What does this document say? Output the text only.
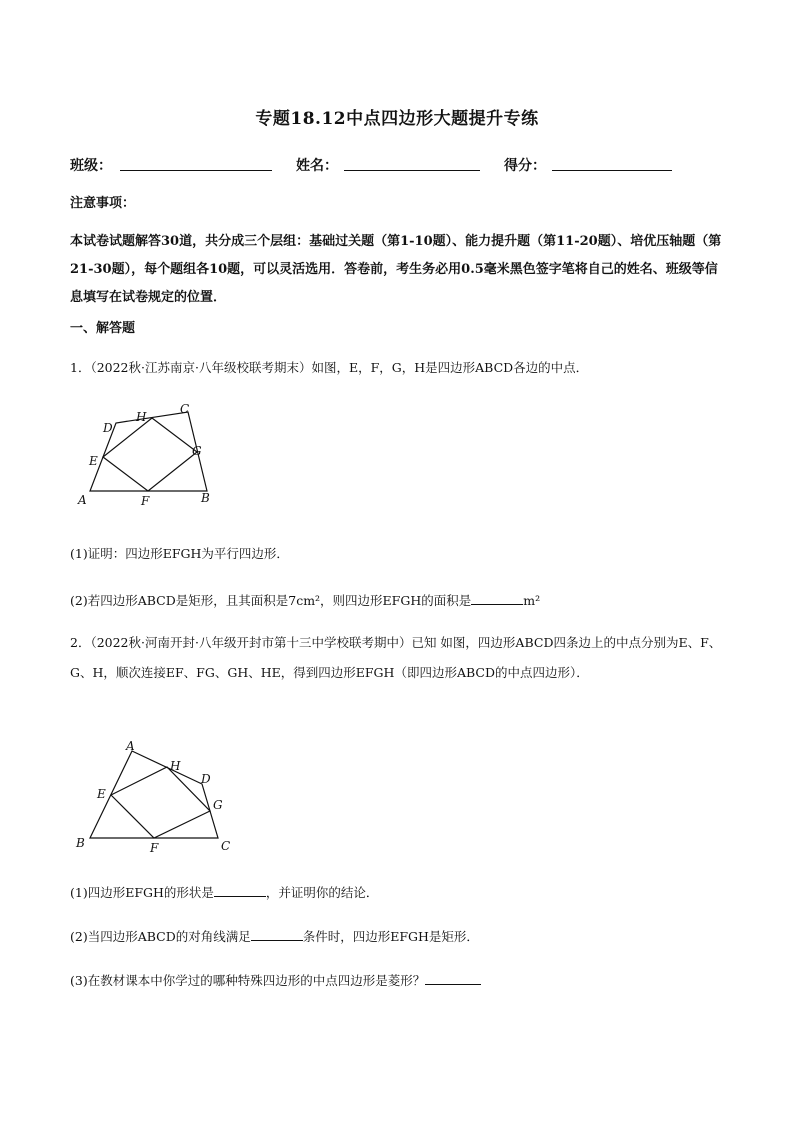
专题18.12中点四边形大题提升专练
班级：	姓名：	得分：
注意事项：
本试卷试题解答30道，共分成三个层组：基础过关题（第1-10题）、能力提升题（第11-20题）、培优压轴题（第21-30题），每个题组各10题，可以灵活选用．答卷前，考生务必用0.5毫米黑色签字笔将自己的姓名、班级等信息填写在试卷规定的位置．
一、解答题
1．（2022秋·江苏南京·八年级校联考期末）如图，E，F，G，H是四边形ABCD各边的中点．
A	B
C
D
E
F
G
H
(1)证明：四边形EFGH为平行四边形．
(2)若四边形ABCD是矩形，且其面积是7cm²，则四边形EFGH的面积是	m²
2．（2022秋·河南开封·八年级开封市第十三中学校联考期中）已知 如图，四边形ABCD四条边上的中点分别为E、F、G、H，顺次连接EF、FG、GH、HE，得到四边形EFGH（即四边形ABCD的中点四边形）．
A
B	C
D
E
F
G
H
(1)四边形EFGH的形状是	，并证明你的结论．
(2)当四边形ABCD的对角线满足	条件时，四边形EFGH是矩形．
(3)在教材课本中你学过的哪种特殊四边形的中点四边形是菱形？
